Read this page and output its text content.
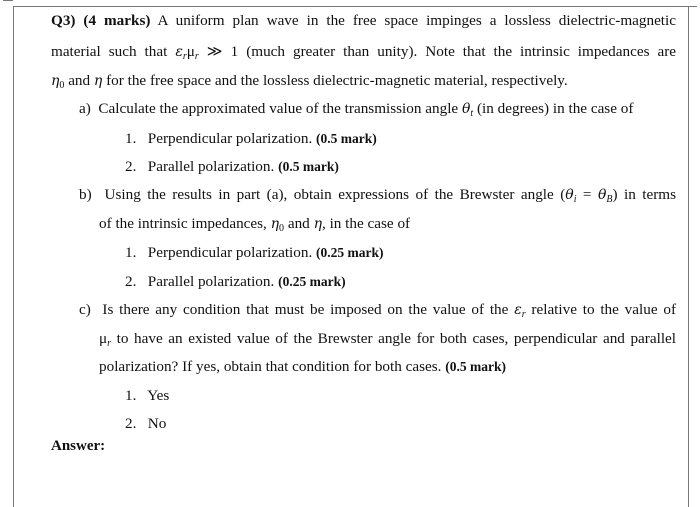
Q3) (4 marks) A uniform plan wave in the free space impinges a lossless dielectric-magnetic
material such that $\varepsilon_r\mu_r$ ≫ 1 (much greater than unity). Note that the intrinsic impedances are
η0 and η for the free space and the lossless dielectric-magnetic material, respectively.
a) Calculate the approximated value of the transmission angle $\theta_t$ (in degrees) in the case of
1. Perpendicular polarization. (0.5 mark)
2. Parallel polarization. (0.5 mark)
b) Using the results in part (a), obtain expressions of the Brewster angle $(\theta_i = \theta_B)$ in terms
of the intrinsic impedances, η0 and η, in the case of
1. Perpendicular polarization. (0.25 mark)
2. Parallel polarization. (0.25 mark)
c) Is there any condition that must be imposed on the value of the $\varepsilon_r$ relative to the value of
$\mu_r$ to have an existed value of the Brewster angle for both cases, perpendicular and parallel
polarization? If yes, obtain that condition for both cases. (0.5 mark)
1. Yes
2. No
Answer:
